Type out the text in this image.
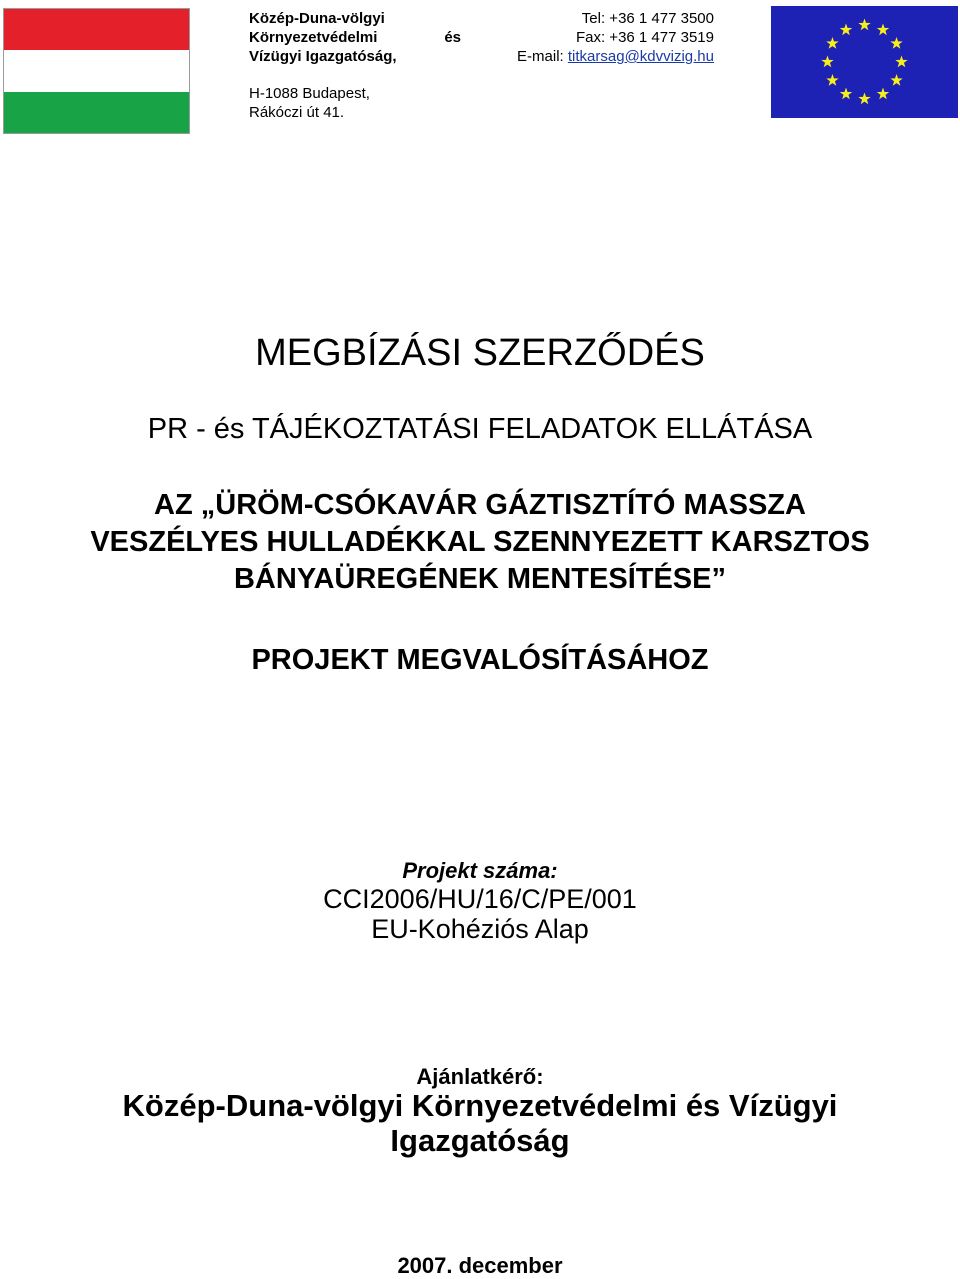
Közép-Duna-völgyi
Környezetvédelmi	és
Vízügyi Igazgatóság,
H-1088 Budapest,
Rákóczi út 41.
Tel: +36 1 477 3500
Fax: +36 1 477 3519
E-mail: titkarsag@kdvvizig.hu
MEGBÍZÁSI SZERZŐDÉS
PR - és TÁJÉKOZTATÁSI FELADATOK ELLÁTÁSA
AZ „ÜRÖM-CSÓKAVÁR GÁZTISZTÍTÓ MASSZA
VESZÉLYES HULLADÉKKAL SZENNYEZETT KARSZTOS
BÁNYAÜREGÉNEK MENTESÍTÉSE”
PROJEKT MEGVALÓSÍTÁSÁHOZ
Projekt száma:
CCI2006/HU/16/C/PE/001
EU-Kohéziós Alap
Ajánlatkérő:
Közép-Duna-völgyi Környezetvédelmi és Vízügyi
Igazgatóság
2007. december
